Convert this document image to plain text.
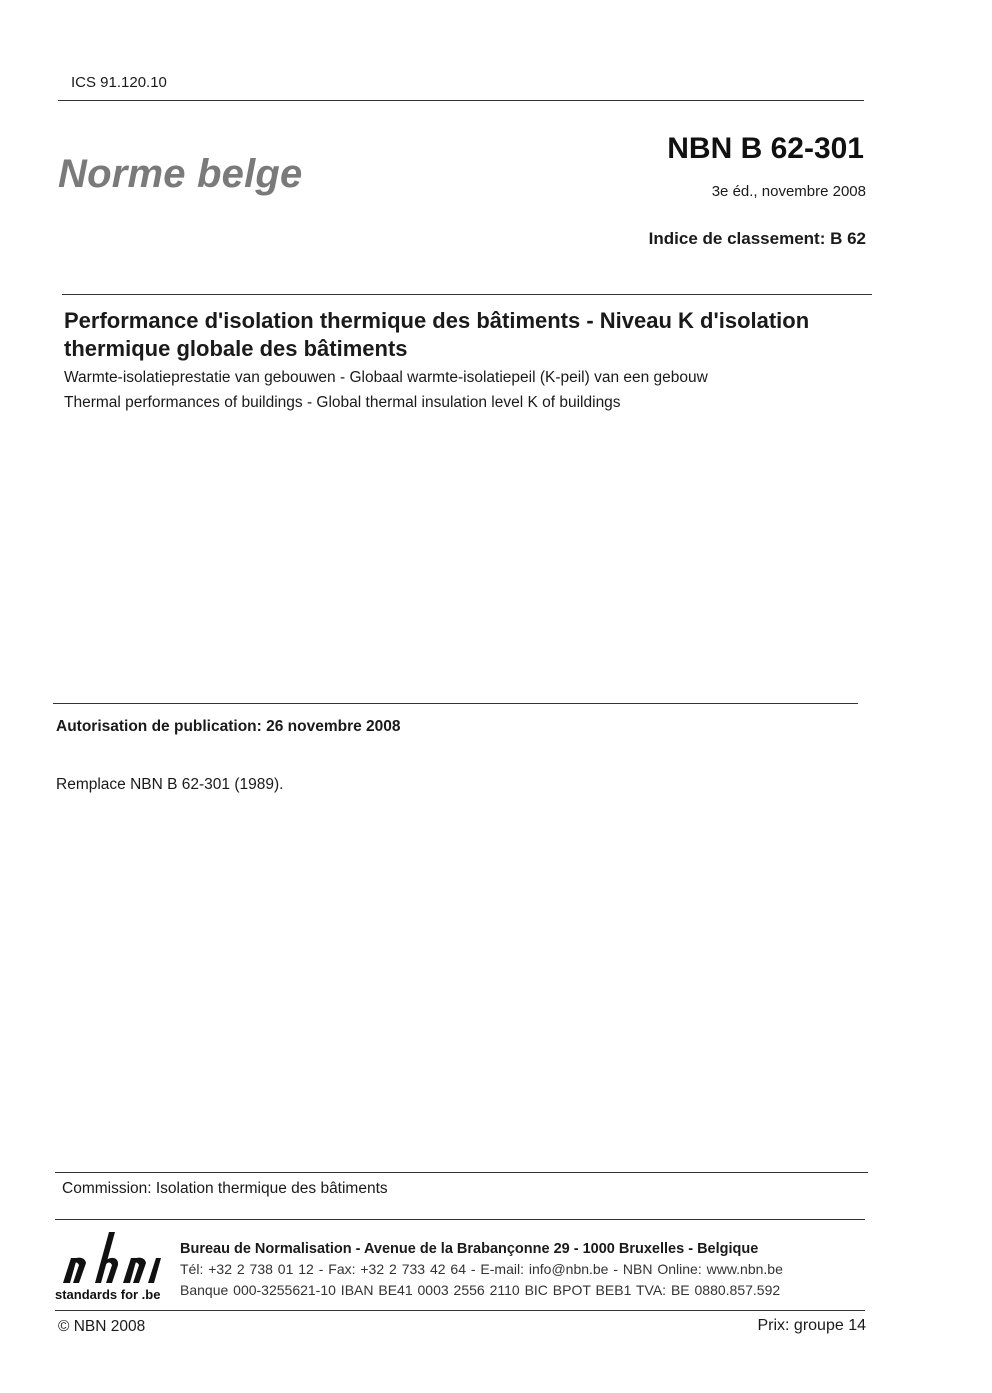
ICS 91.120.10
Norme belge
NBN B 62-301
3e éd., novembre 2008
Indice de classement: B 62
Performance d'isolation thermique des bâtiments - Niveau K d'isolation thermique globale des bâtiments
Warmte-isolatieprestatie van gebouwen - Globaal warmte-isolatiepeil (K-peil) van een gebouw
Thermal performances of buildings - Global thermal insulation level K of buildings
Autorisation de publication: 26 novembre 2008
Remplace NBN B 62-301 (1989).
Commission: Isolation thermique des bâtiments
standards for .be
Bureau de Normalisation - Avenue de la Brabançonne 29 - 1000 Bruxelles - Belgique
Tél: +32 2 738 01 12 - Fax: +32 2 733 42 64 - E-mail: info@nbn.be - NBN Online: www.nbn.be
Banque 000-3255621-10 IBAN BE41 0003 2556 2110 BIC BPOT BEB1 TVA: BE 0880.857.592
© NBN 2008	Prix: groupe 14
